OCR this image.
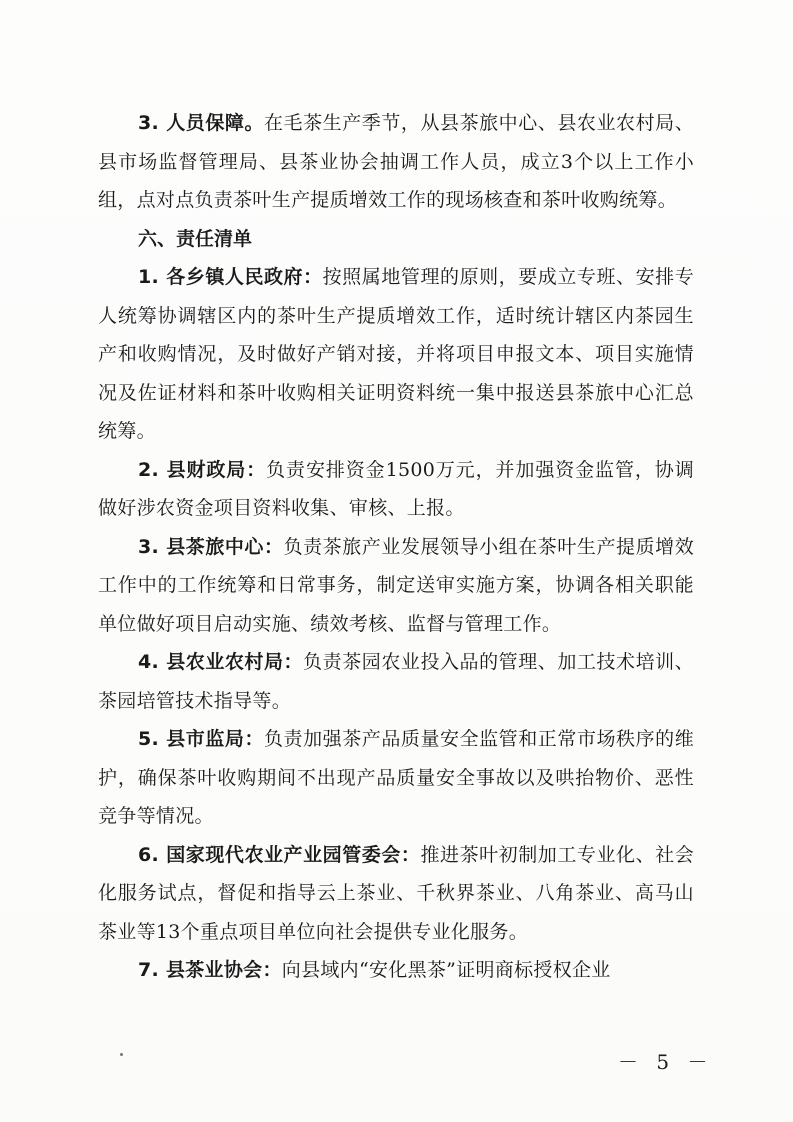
3. 人员保障。在毛茶生产季节，从县茶旅中心、县农业农村局、县市场监督管理局、县茶业协会抽调工作人员，成立3个以上工作小组，点对点负责茶叶生产提质增效工作的现场核查和茶叶收购统筹。

六、责任清单

1. 各乡镇人民政府：按照属地管理的原则，要成立专班、安排专人统筹协调辖区内的茶叶生产提质增效工作，适时统计辖区内茶园生产和收购情况，及时做好产销对接，并将项目申报文本、项目实施情况及佐证材料和茶叶收购相关证明资料统一集中报送县茶旅中心汇总统筹。

2. 县财政局：负责安排资金1500万元，并加强资金监管，协调做好涉农资金项目资料收集、审核、上报。

3. 县茶旅中心：负责茶旅产业发展领导小组在茶叶生产提质增效工作中的工作统筹和日常事务，制定送审实施方案，协调各相关职能单位做好项目启动实施、绩效考核、监督与管理工作。

4. 县农业农村局：负责茶园农业投入品的管理、加工技术培训、茶园培管技术指导等。

5. 县市监局：负责加强茶产品质量安全监管和正常市场秩序的维护，确保茶叶收购期间不出现产品质量安全事故以及哄抬物价、恶性竞争等情况。

6. 国家现代农业产业园管委会：推进茶叶初制加工专业化、社会化服务试点，督促和指导云上茶业、千秋界茶业、八角茶业、高马山茶业等13个重点项目单位向社会提供专业化服务。

7. 县茶业协会：向县域内“安化黑茶”证明商标授权企业

－ 5 －
